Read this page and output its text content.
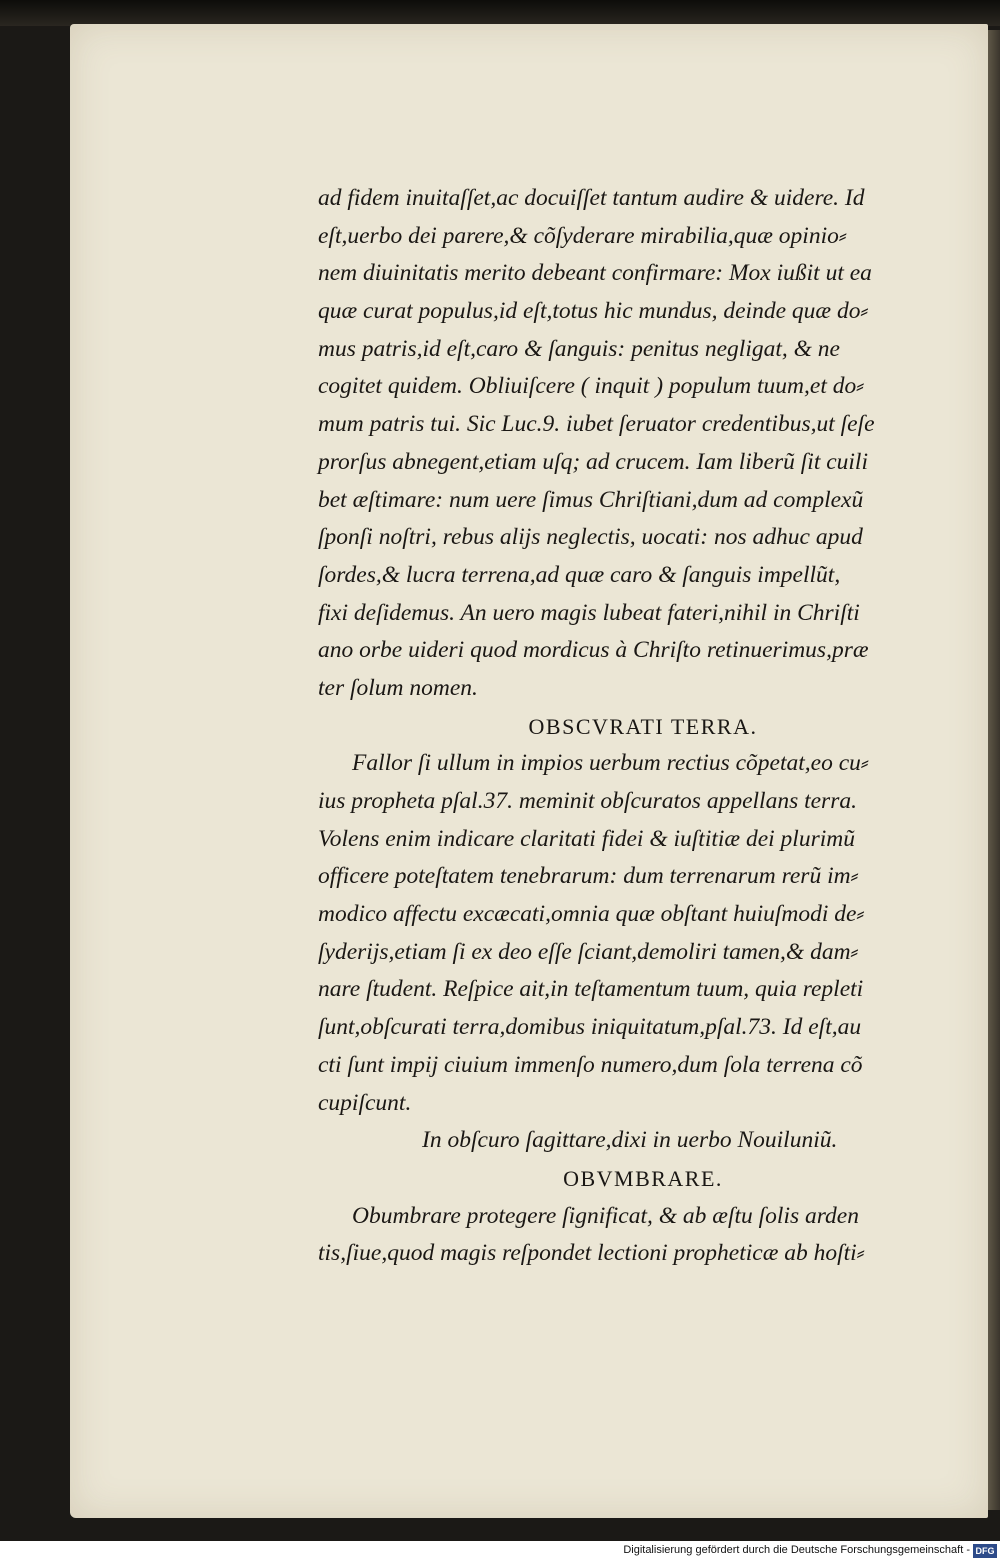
ad fidem inuitaſſet,ac docuiſſet tantum audire & uidere. Id
eſt,uerbo dei parere,& cõſyderare mirabilia,quæ opinio⸗
nem diuinitatis merito debeant confirmare: Mox iußit ut ea
quæ curat populus,id eſt,totus hic mundus, deinde quæ do⸗
mus patris,id eſt,caro & ſanguis: penitus negligat, & ne
cogitet quidem. Obliuiſcere ( inquit ) populum tuum,et do⸗
mum patris tui. Sic Luc.9. iubet ſeruator credentibus,ut ſeſe
prorſus abnegent,etiam uſq; ad crucem. Iam liberũ ſit cuili
bet æſtimare: num uere ſimus Chriſtiani,dum ad complexũ
ſponſi noſtri, rebus alijs neglectis, uocati: nos adhuc apud
ſordes,& lucra terrena,ad quæ caro & ſanguis impellũt,
fixi deſidemus. An uero magis lubeat fateri,nihil in Chriſti
ano orbe uideri quod mordicus à Chriſto retinuerimus,præ
ter ſolum nomen.
OBSCVRATI TERRA.
Fallor ſi ullum in impios uerbum rectius cõpetat,eo cu⸗
ius propheta pſal.37. meminit obſcuratos appellans terra.
Volens enim indicare claritati fidei & iuſtitiæ dei plurimũ
officere poteſtatem tenebrarum: dum terrenarum rerũ im⸗
modico affectu excæcati,omnia quæ obſtant huiuſmodi de⸗
ſyderijs,etiam ſi ex deo eſſe ſciant,demoliri tamen,& dam⸗
nare ſtudent. Reſpice ait,in teſtamentum tuum, quia repleti
ſunt,obſcurati terra,domibus iniquitatum,pſal.73. Id eſt,au
cti ſunt impij ciuium immenſo numero,dum ſola terrena cõ
cupiſcunt.
In obſcuro ſagittare,dixi in uerbo Nouiluniũ.
OBVMBRARE.
Obumbrare protegere ſignificat, & ab æſtu ſolis arden
tis,ſiue,quod magis reſpondet lectioni propheticæ ab hoſti⸗
Digitalisierung gefördert durch die Deutsche Forschungsgemeinschaft - DFG
